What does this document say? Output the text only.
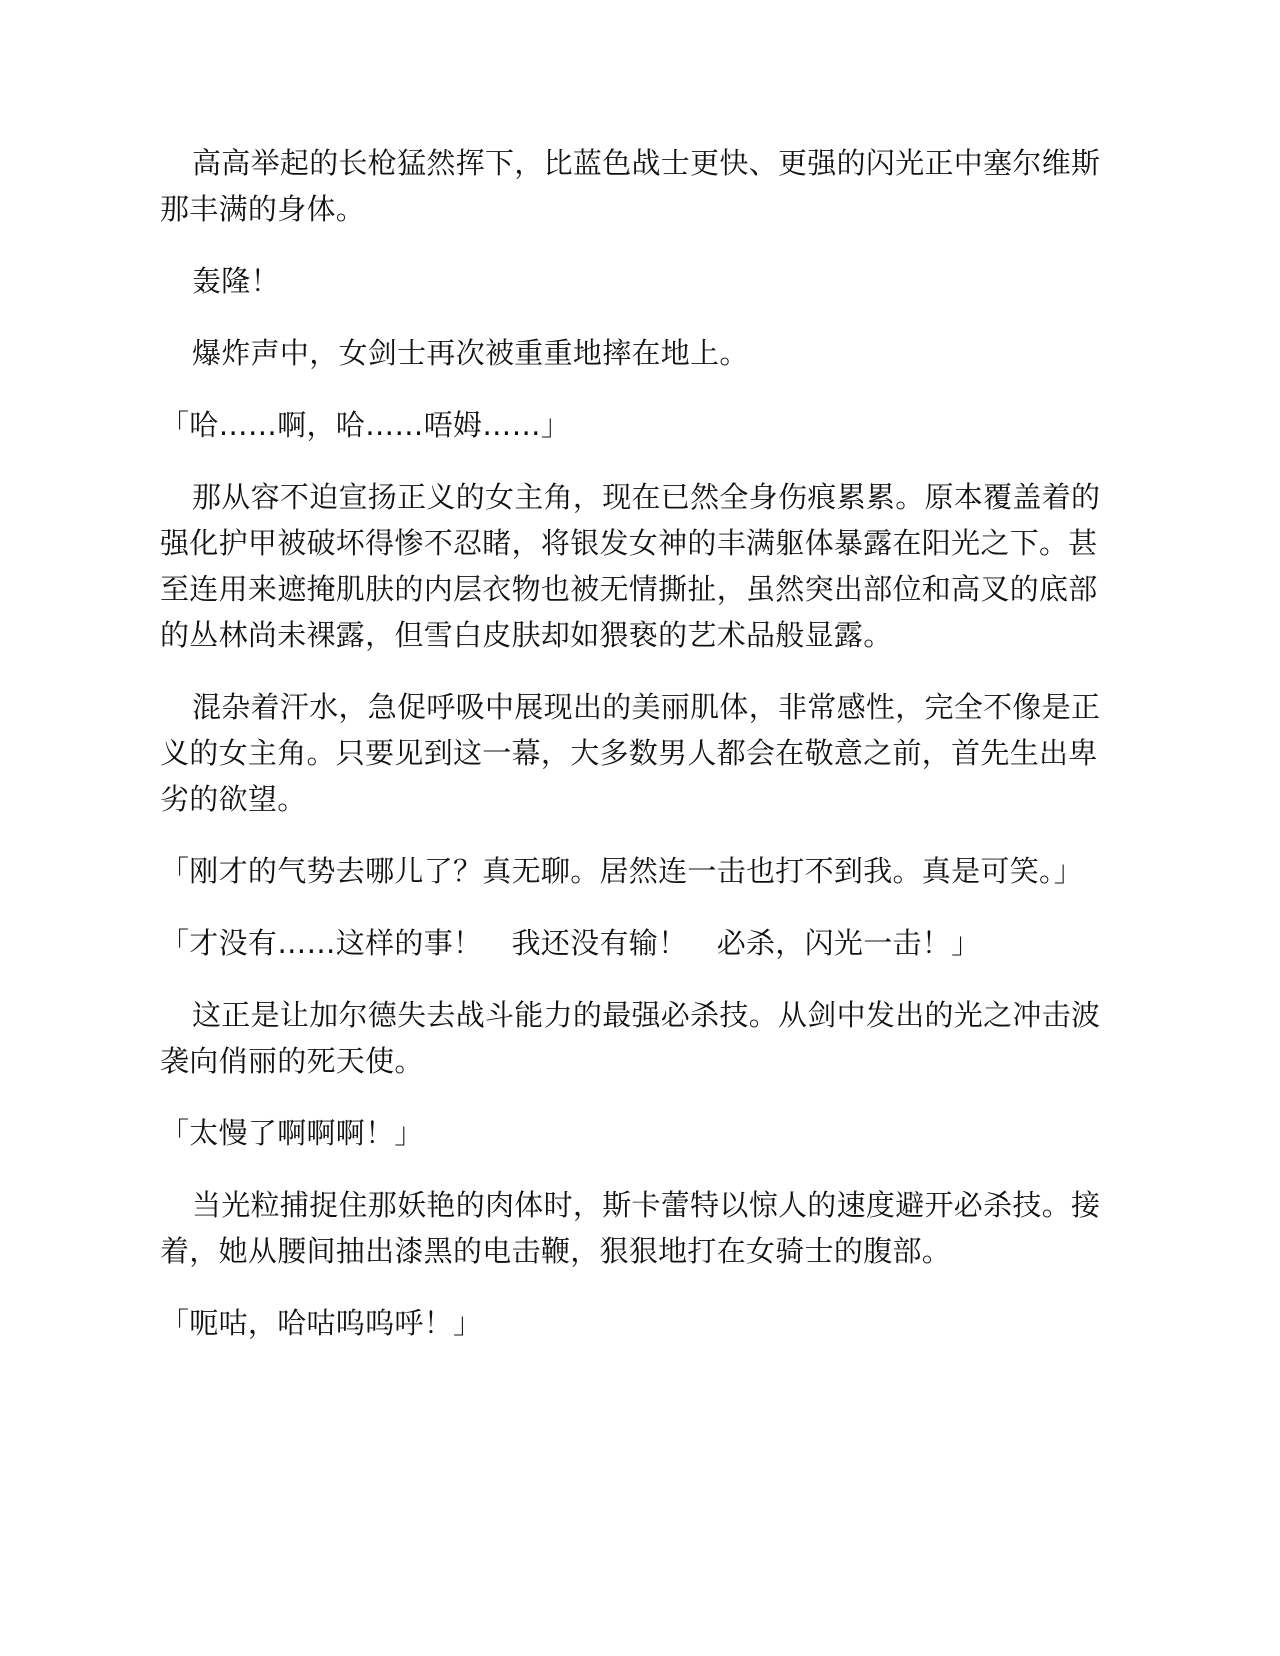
高高举起的长枪猛然挥下，比蓝色战士更快、更强的闪光正中塞尔维斯那丰满的身体。

轰隆！

爆炸声中，女剑士再次被重重地摔在地上。

「哈……啊，哈……唔姆……」

那从容不迫宣扬正义的女主角，现在已然全身伤痕累累。原本覆盖着的强化护甲被破坏得惨不忍睹，将银发女神的丰满躯体暴露在阳光之下。甚至连用来遮掩肌肤的内层衣物也被无情撕扯，虽然突出部位和高叉的底部的丛林尚未裸露，但雪白皮肤却如猥亵的艺术品般显露。

混杂着汗水，急促呼吸中展现出的美丽肌体，非常感性，完全不像是正义的女主角。只要见到这一幕，大多数男人都会在敬意之前，首先生出卑劣的欲望。

「刚才的气势去哪儿了？真无聊。居然连一击也打不到我。真是可笑。」

「才没有……这样的事！　我还没有输！　必杀，闪光一击！」

这正是让加尔德失去战斗能力的最强必杀技。从剑中发出的光之冲击波袭向俏丽的死天使。

「太慢了啊啊啊！」

当光粒捕捉住那妖艳的肉体时，斯卡蕾特以惊人的速度避开必杀技。接着，她从腰间抽出漆黑的电击鞭，狠狠地打在女骑士的腹部。

「呃咕，哈咕呜呜呼！」
